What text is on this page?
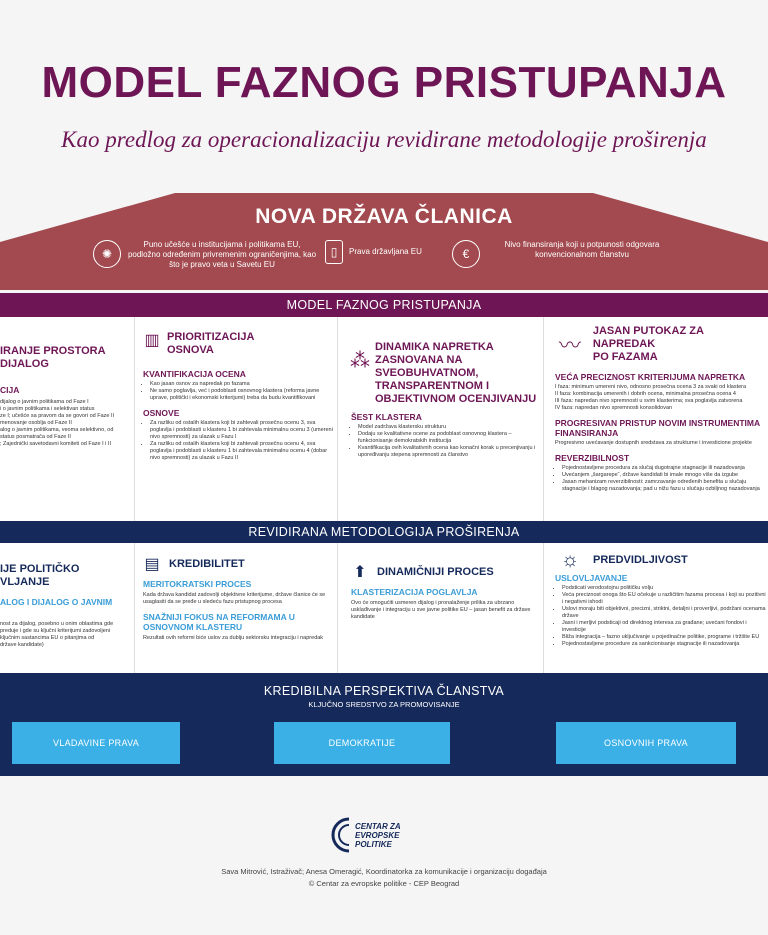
MODEL FAZNOG PRISTUPANJA
Kao predlog za operacionalizaciju revidirane metodologije proširenja
NOVA DRŽAVA ČLANICA
✺
Puno učešće u institucijama i politikama EU, podložno određenim privremenim ograničenjima, kao što je pravo veta u Savetu EU
▯	Prava državljana EU	€
Nivo finansiranja koji u potpunosti odgovara konvencionalnom članstvu
MODEL FAZNOG PRISTUPANJA
IRANJE PROSTORA
DIJALOG
CIJA
dijalog o javnim politikama od Faze I
i o javnim politikama i selektivan status
ze I; učešće sa pravom da se govori od Faze II
menovanje osoblja od Faze II
alog o javnim politikama, veoma selektivno, od
status posmatrača od Faze II
; Zajednički savetodavni komiteti od Faze I i II
▥ PRIORITIZACIJA
OSNOVA
KVANTIFIKACIJA OCENA
• Kao jasan osnov za napredak po fazama
• Ne samo poglavlja, već i podoblasti osnovnog klastera (reforma javne uprave, politički i ekonomski kriterijumi) treba da budu kvantifikovani
OSNOVE
• Za razliku od ostalih klastera koji bi zahtevali prosečnu ocenu 3, sva poglavlja i podoblasti u klasteru 1 bi zahtevala minimalnu ocenu 3 (umereni nivo spremnosti) za ulazak u Fazu I
• Za razliku od ostalih klastera koji bi zahtevali prosečnu ocenu 4, sva poglavlja i podoblasti u klasteru 1 bi zahtevala minimalnu ocenu 4 (dobar nivo spremnosti) za ulazak u Fazu II
⁂
DINAMIKA NAPRETKA
ZASNOVANA NA
SVEOBUHVATNOM,
TRANSPARENTNOM I
OBJEKTIVNOM OCENJIVANJU
ŠEST KLASTERA
• Model zadržava klastersku strukturu
• Dodaju se kvalitativne ocene za podoblast osnovnog klastera – funkcionisanje demokratskih institucija
• Kvantifikacija ovih kvalitativnih ocena kao konačni korak u precenjivanju i upoređivanju stepena spremnosti za članstvo
〰
JASAN PUTOKAZ ZA NAPREDAK
PO FAZAMA
VEĆA PRECIZNOST KRITERIJUMA NAPRETKA
I faza: minimum umereni nivo, odnosno prosečna ocena 3 za svaki od klastera
II faza: kombinacija umerenih i dobrih ocena, minimalna prosečna ocena 4
III faza: napredan nivo spremnosti u svim klasterima; sva poglavlja zatvorena
IV faza: napredan nivo spremnosti konsolidovan
PROGRESIVAN PRISTUP NOVIM INSTRUMENTIMA FINANSIRANJA
Progresivno uvećavanje dostupnih sredstava za strukturne i investicione projekte
REVERZIBILNOST
• Pojednostavljene procedura za slučaj dugotrajne stagnacije ili nazadovanja
• Uvećanjem „šargarepe“, države kandidati bi imale mnogo više da izgube
• Jasan mehanizam reverzibilnosti: zamrzavanje određenih benefita u slučaju stagnacije i blagog nazadovanja; pad u nižu fazu u slučaju ozbiljnog nazadovanja
REVIDIRANA METODOLOGIJA PROŠIRENJA
IJE POLITIČKO
VLJANJE
ALOG I DIJALOG O JAVNIM
nost za dijalog, posebno u onim oblastima gde
preduje i gde su ključni kriterijumi zadovoljeni
ključnim sastancima EU o pitanjima od
države kandidate)
▤ KREDIBILITET
MERITOKRATSKI PROCES
Kada država kandidat zadovolji objektivne kriterijume, države članice će se usaglasiti da se pređe u sledeću fazu pristupnog procesa
SNAŽNIJI FOKUS NA REFORMAMA U
OSNOVNOM KLASTERU
Rezultati ovih reformi biće uslov za dublju sektorsku integraciju i napredak
⬆ DINAMIČNIJI PROCES
KLASTERIZACIJA POGLAVLJA
Ovo će omogućiti usmeren dijalog i pronalaženje prilika za ubrzano usklađivanje i integraciju u sve javne politike EU – jasan benefit za države kandidate
☼	PREDVIDLJIVOST
USLOVLJAVANJE
• Podsticati verodostojnu političku volju
• Veća preciznost onoga što EU očekuje u različitim fazama procesa i koji su pozitivni i negativni ishodi
• Uslovi moraju biti objektivni, precizni, striktni, detaljni i proverljivi, podržani ocenama države
• Jasni i merljivi podsticaji od direktnog interesa za građane; uvećani fondovi i investicije
• Bliža integracija – fazno uključivanje u pojedinačne politike, programe i tržište EU
• Pojednostavljene procedure za sankcionisanje stagnacije ili nazadovanja
KREDIBILNA PERSPEKTIVA ČLANSTVA
KLJUČNO SREDSTVO ZA PROMOVISANJE
VLADAVINE PRAVA	DEMOKRATIJE	OSNOVNIH PRAVA
CENTAR ZA
EVROPSKE
POLITIKE
Sava Mitrović, Istraživač; Anesa Omeragić, Koordinatorka za komunikacije i organizaciju događaja
© Centar za evropske politike - CEP Beograd
